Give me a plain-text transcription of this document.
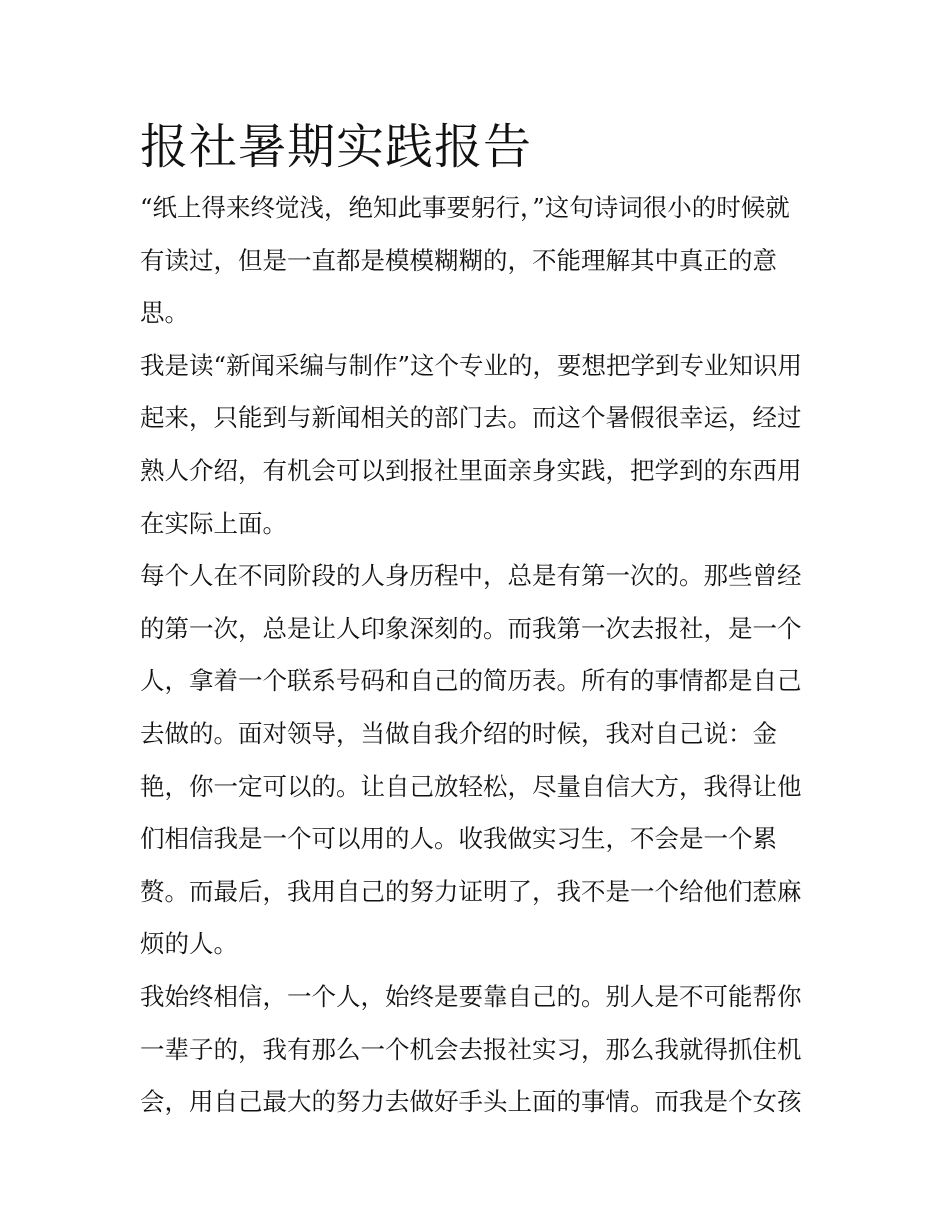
报社暑期实践报告

“纸上得来终觉浅，绝知此事要躬行，”这句诗词很小的时候就
有读过，但是一直都是模模糊糊的，不能理解其中真正的意
思。

我是读“新闻采编与制作”这个专业的，要想把学到专业知识用
起来，只能到与新闻相关的部门去。而这个暑假很幸运，经过
熟人介绍，有机会可以到报社里面亲身实践，把学到的东西用
在实际上面。

每个人在不同阶段的人身历程中，总是有第一次的。那些曾经
的第一次，总是让人印象深刻的。而我第一次去报社，是一个
人，拿着一个联系号码和自己的简历表。所有的事情都是自己
去做的。面对领导，当做自我介绍的时候，我对自己说：金
艳，你一定可以的。让自己放轻松，尽量自信大方，我得让他
们相信我是一个可以用的人。收我做实习生，不会是一个累
赘。而最后，我用自己的努力证明了，我不是一个给他们惹麻
烦的人。

我始终相信，一个人，始终是要靠自己的。别人是不可能帮你
一辈子的，我有那么一个机会去报社实习，那么我就得抓住机
会，用自己最大的努力去做好手头上面的事情。而我是个女孩
